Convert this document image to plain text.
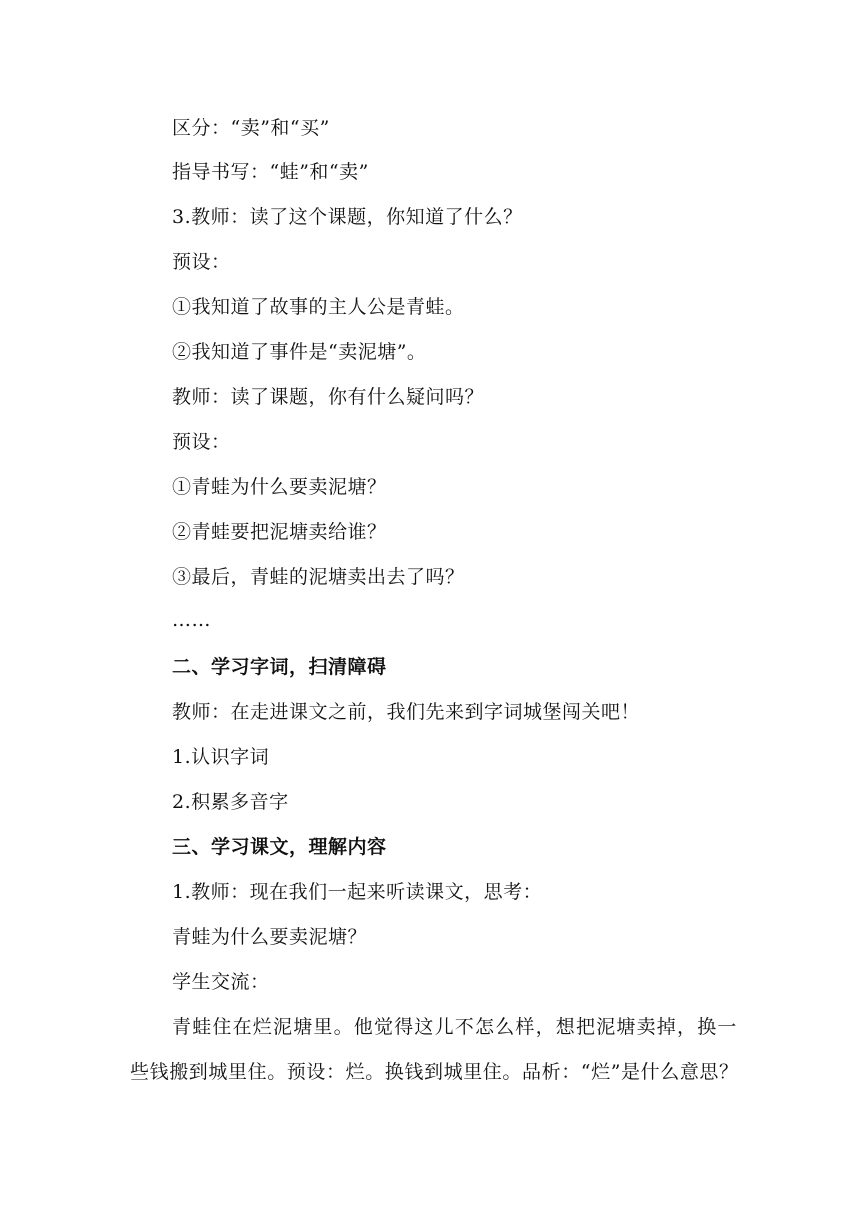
区分：“卖”和“买”
指导书写：“蛙”和“卖”
3.教师：读了这个课题，你知道了什么？
预设：
①我知道了故事的主人公是青蛙。
②我知道了事件是“卖泥塘”。
教师：读了课题，你有什么疑问吗？
预设：
①青蛙为什么要卖泥塘？
②青蛙要把泥塘卖给谁？
③最后，青蛙的泥塘卖出去了吗？
……
二、学习字词，扫清障碍
教师：在走进课文之前，我们先来到字词城堡闯关吧！
1.认识字词
2.积累多音字
三、学习课文，理解内容
1.教师：现在我们一起来听读课文，思考：
青蛙为什么要卖泥塘？
学生交流：
青蛙住在烂泥塘里。他觉得这儿不怎么样，想把泥塘卖掉，换一
些钱搬到城里住。预设：烂。换钱到城里住。品析：“烂”是什么意思？
